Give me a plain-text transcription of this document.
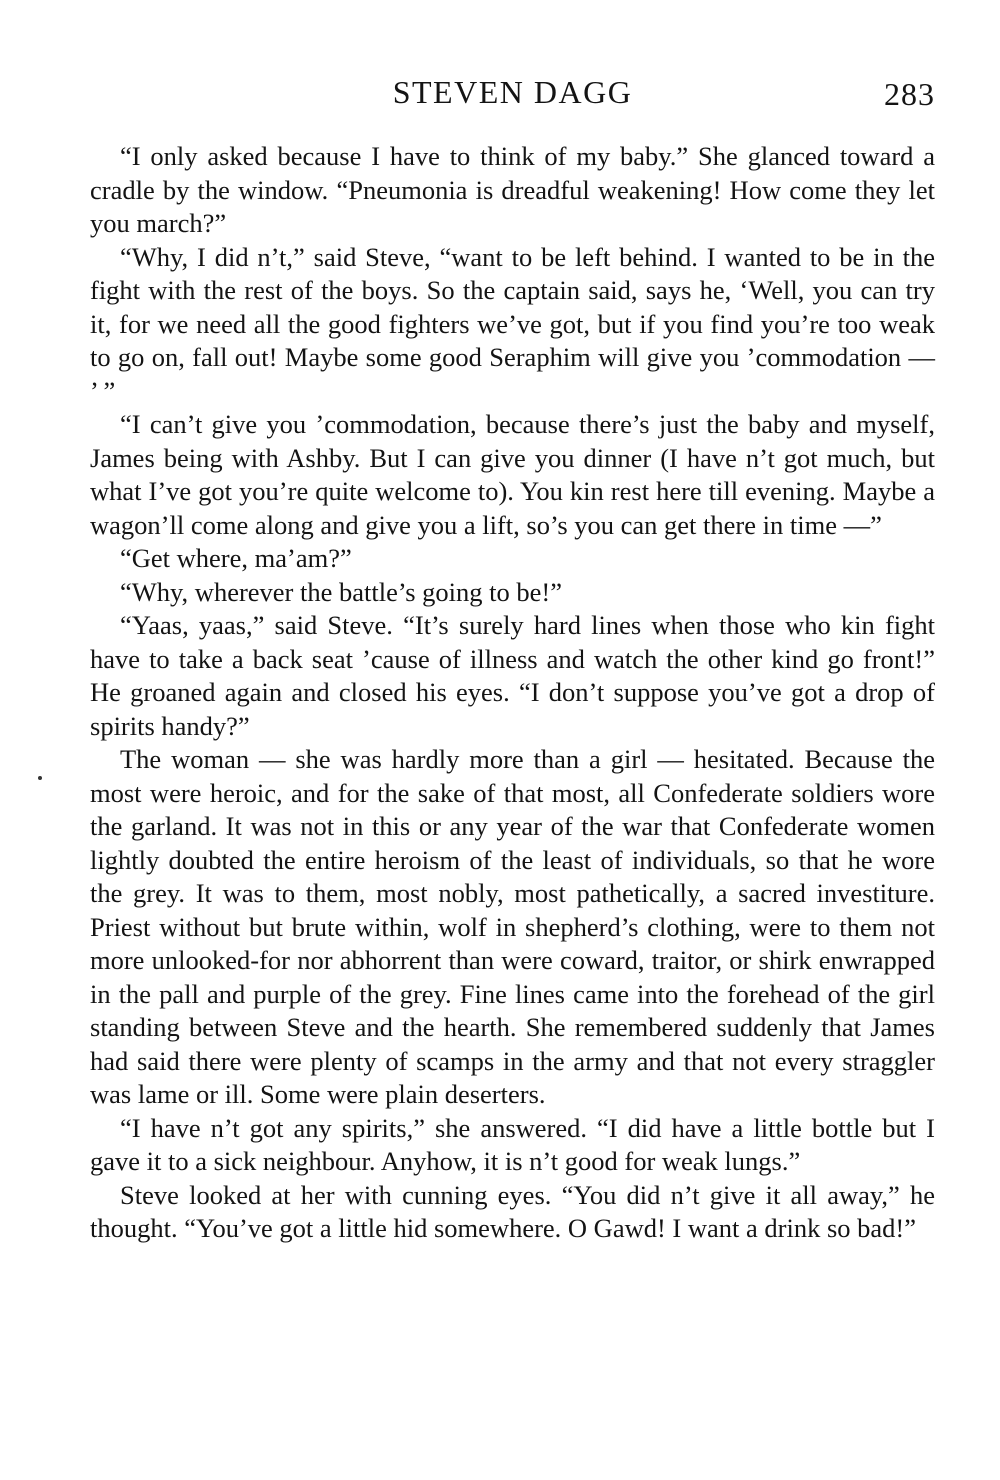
STEVEN DAGG	283

“I only asked because I have to think of my baby.” She glanced toward a cradle by the window. “Pneumonia is dreadful weakening! How come they let you march?”

“Why, I did n’t,” said Steve, “want to be left behind. I wanted to be in the fight with the rest of the boys. So the captain said, says he, ‘Well, you can try it, for we need all the good fighters we’ve got, but if you find you’re too weak to go on, fall out! Maybe some good Seraphim will give you ’commodation — ’ ”

“I can’t give you ’commodation, because there’s just the baby and myself, James being with Ashby. But I can give you dinner (I have n’t got much, but what I’ve got you’re quite welcome to). You kin rest here till evening. Maybe a wagon’ll come along and give you a lift, so’s you can get there in time —”

“Get where, ma’am?”

“Why, wherever the battle’s going to be!”

“Yaas, yaas,” said Steve. “It’s surely hard lines when those who kin fight have to take a back seat ’cause of illness and watch the other kind go front!” He groaned again and closed his eyes. “I don’t suppose you’ve got a drop of spirits handy?”

The woman — she was hardly more than a girl — hesitated. Because the most were heroic, and for the sake of that most, all Confederate soldiers wore the garland. It was not in this or any year of the war that Confederate women lightly doubted the entire heroism of the least of individuals, so that he wore the grey. It was to them, most nobly, most pathetically, a sacred investiture. Priest without but brute within, wolf in shepherd’s clothing, were to them not more unlooked-for nor abhorrent than were coward, traitor, or shirk enwrapped in the pall and purple of the grey. Fine lines came into the forehead of the girl standing between Steve and the hearth. She remembered suddenly that James had said there were plenty of scamps in the army and that not every straggler was lame or ill. Some were plain deserters.

“I have n’t got any spirits,” she answered. “I did have a little bottle but I gave it to a sick neighbour. Anyhow, it is n’t good for weak lungs.”

Steve looked at her with cunning eyes. “You did n’t give it all away,” he thought. “You’ve got a little hid somewhere. O Gawd! I want a drink so bad!”
